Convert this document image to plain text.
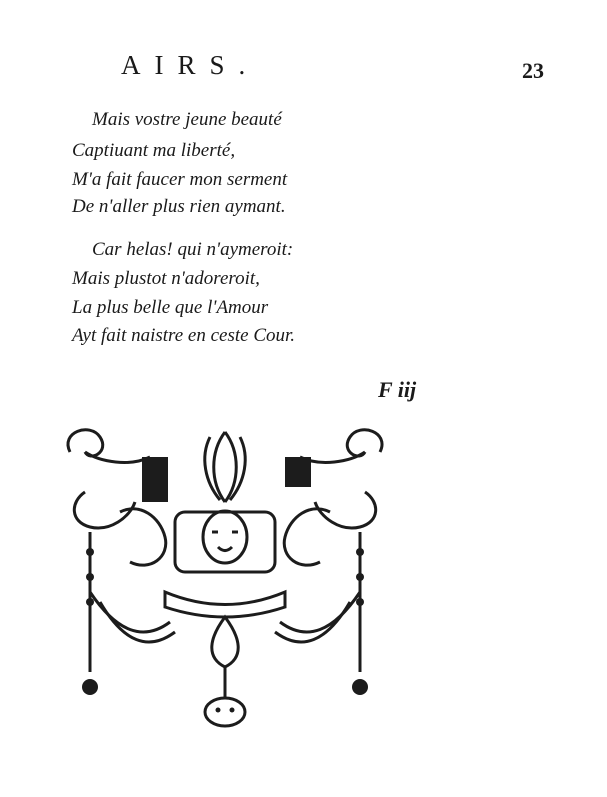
AIRS.	23
Mais vostre jeune beauté
Captiuant ma liberté,
M'a fait faucer mon serment
De n'aller plus rien aymant.
Car helas! qui n'aymeroit:
Mais plustot n'adoreroit,
La plus belle que l'Amour
Ayt fait naistre en ceste Cour.
F iij
